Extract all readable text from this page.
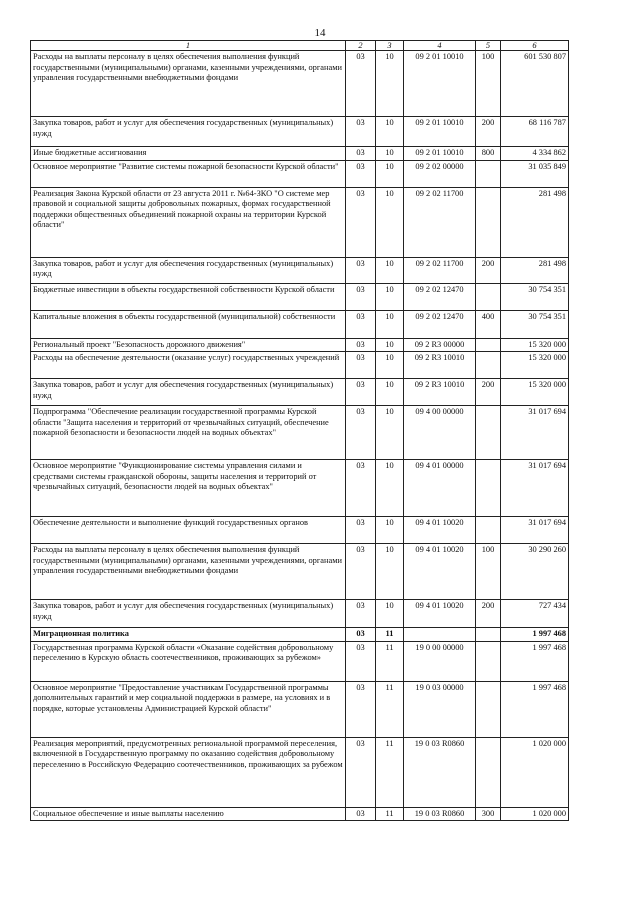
14
1	2	3	4	5	6
Расходы на выплаты персоналу в целях обеспечения выполнения функций государственными (муниципальными) органами, казенными учреждениями, органами управления государственными внебюджетными фондами	03	10	09 2 01 10010	100	601 530 807
Закупка товаров, работ и услуг для обеспечения государственных (муниципальных) нужд	03	10	09 2 01 10010	200	68 116 787
Иные бюджетные ассигнования	03	10	09 2 01 10010	800	4 334 862
Основное мероприятие "Развитие системы пожарной безопасности Курской области"	03	10	09 2 02 00000		31 035 849
Реализация Закона Курской области от 23 августа 2011 г. №64-ЗКО "О системе мер правовой и социальной защиты добровольных пожарных, формах государственной поддержки общественных объединений пожарной охраны на территории Курской области"	03	10	09 2 02 11700		281 498
Закупка товаров, работ и услуг для обеспечения государственных (муниципальных) нужд	03	10	09 2 02 11700	200	281 498
Бюджетные инвестиции в объекты государственной собственности Курской области	03	10	09 2 02 12470		30 754 351
Капитальные вложения в объекты государственной (муниципальной) собственности	03	10	09 2 02 12470	400	30 754 351
Региональный проект "Безопасность дорожного движения"	03	10	09 2 R3 00000		15 320 000
Расходы на обеспечение деятельности (оказание услуг) государственных учреждений	03	10	09 2 R3 10010		15 320 000
Закупка товаров, работ и услуг для обеспечения государственных (муниципальных) нужд	03	10	09 2 R3 10010	200	15 320 000
Подпрограмма "Обеспечение реализации государственной программы Курской области "Защита населения и территорий от чрезвычайных ситуаций, обеспечение пожарной безопасности и безопасности людей на водных объектах"	03	10	09 4 00 00000		31 017 694
Основное мероприятие "Функционирование системы управления силами и средствами системы гражданской обороны, защиты населения и территорий от чрезвычайных ситуаций, безопасности людей на водных объектах"	03	10	09 4 01 00000		31 017 694
Обеспечение деятельности и выполнение функций государственных органов	03	10	09 4 01 10020		31 017 694
Расходы на выплаты персоналу в целях обеспечения выполнения функций государственными (муниципальными) органами, казенными учреждениями, органами управления государственными внебюджетными фондами	03	10	09 4 01 10020	100	30 290 260
Закупка товаров, работ и услуг для обеспечения государственных (муниципальных) нужд	03	10	09 4 01 10020	200	727 434
Миграционная политика	03	11			1 997 468
Государственная программа Курской области «Оказание содействия добровольному переселению в Курскую область соотечественников, проживающих за рубежом»	03	11	19 0 00 00000		1 997 468
Основное мероприятие "Предоставление участникам Государственной программы дополнительных гарантий и мер социальной поддержки в размере, на условиях и в порядке, которые установлены Администрацией Курской области"	03	11	19 0 03 00000		1 997 468
Реализация мероприятий, предусмотренных региональной программой переселения, включенной в Государственную программу по оказанию содействия добровольному переселению в Российскую Федерацию соотечественников, проживающих за рубежом	03	11	19 0 03 R0860		1 020 000
Социальное обеспечение и иные выплаты населению	03	11	19 0 03 R0860	300	1 020 000
